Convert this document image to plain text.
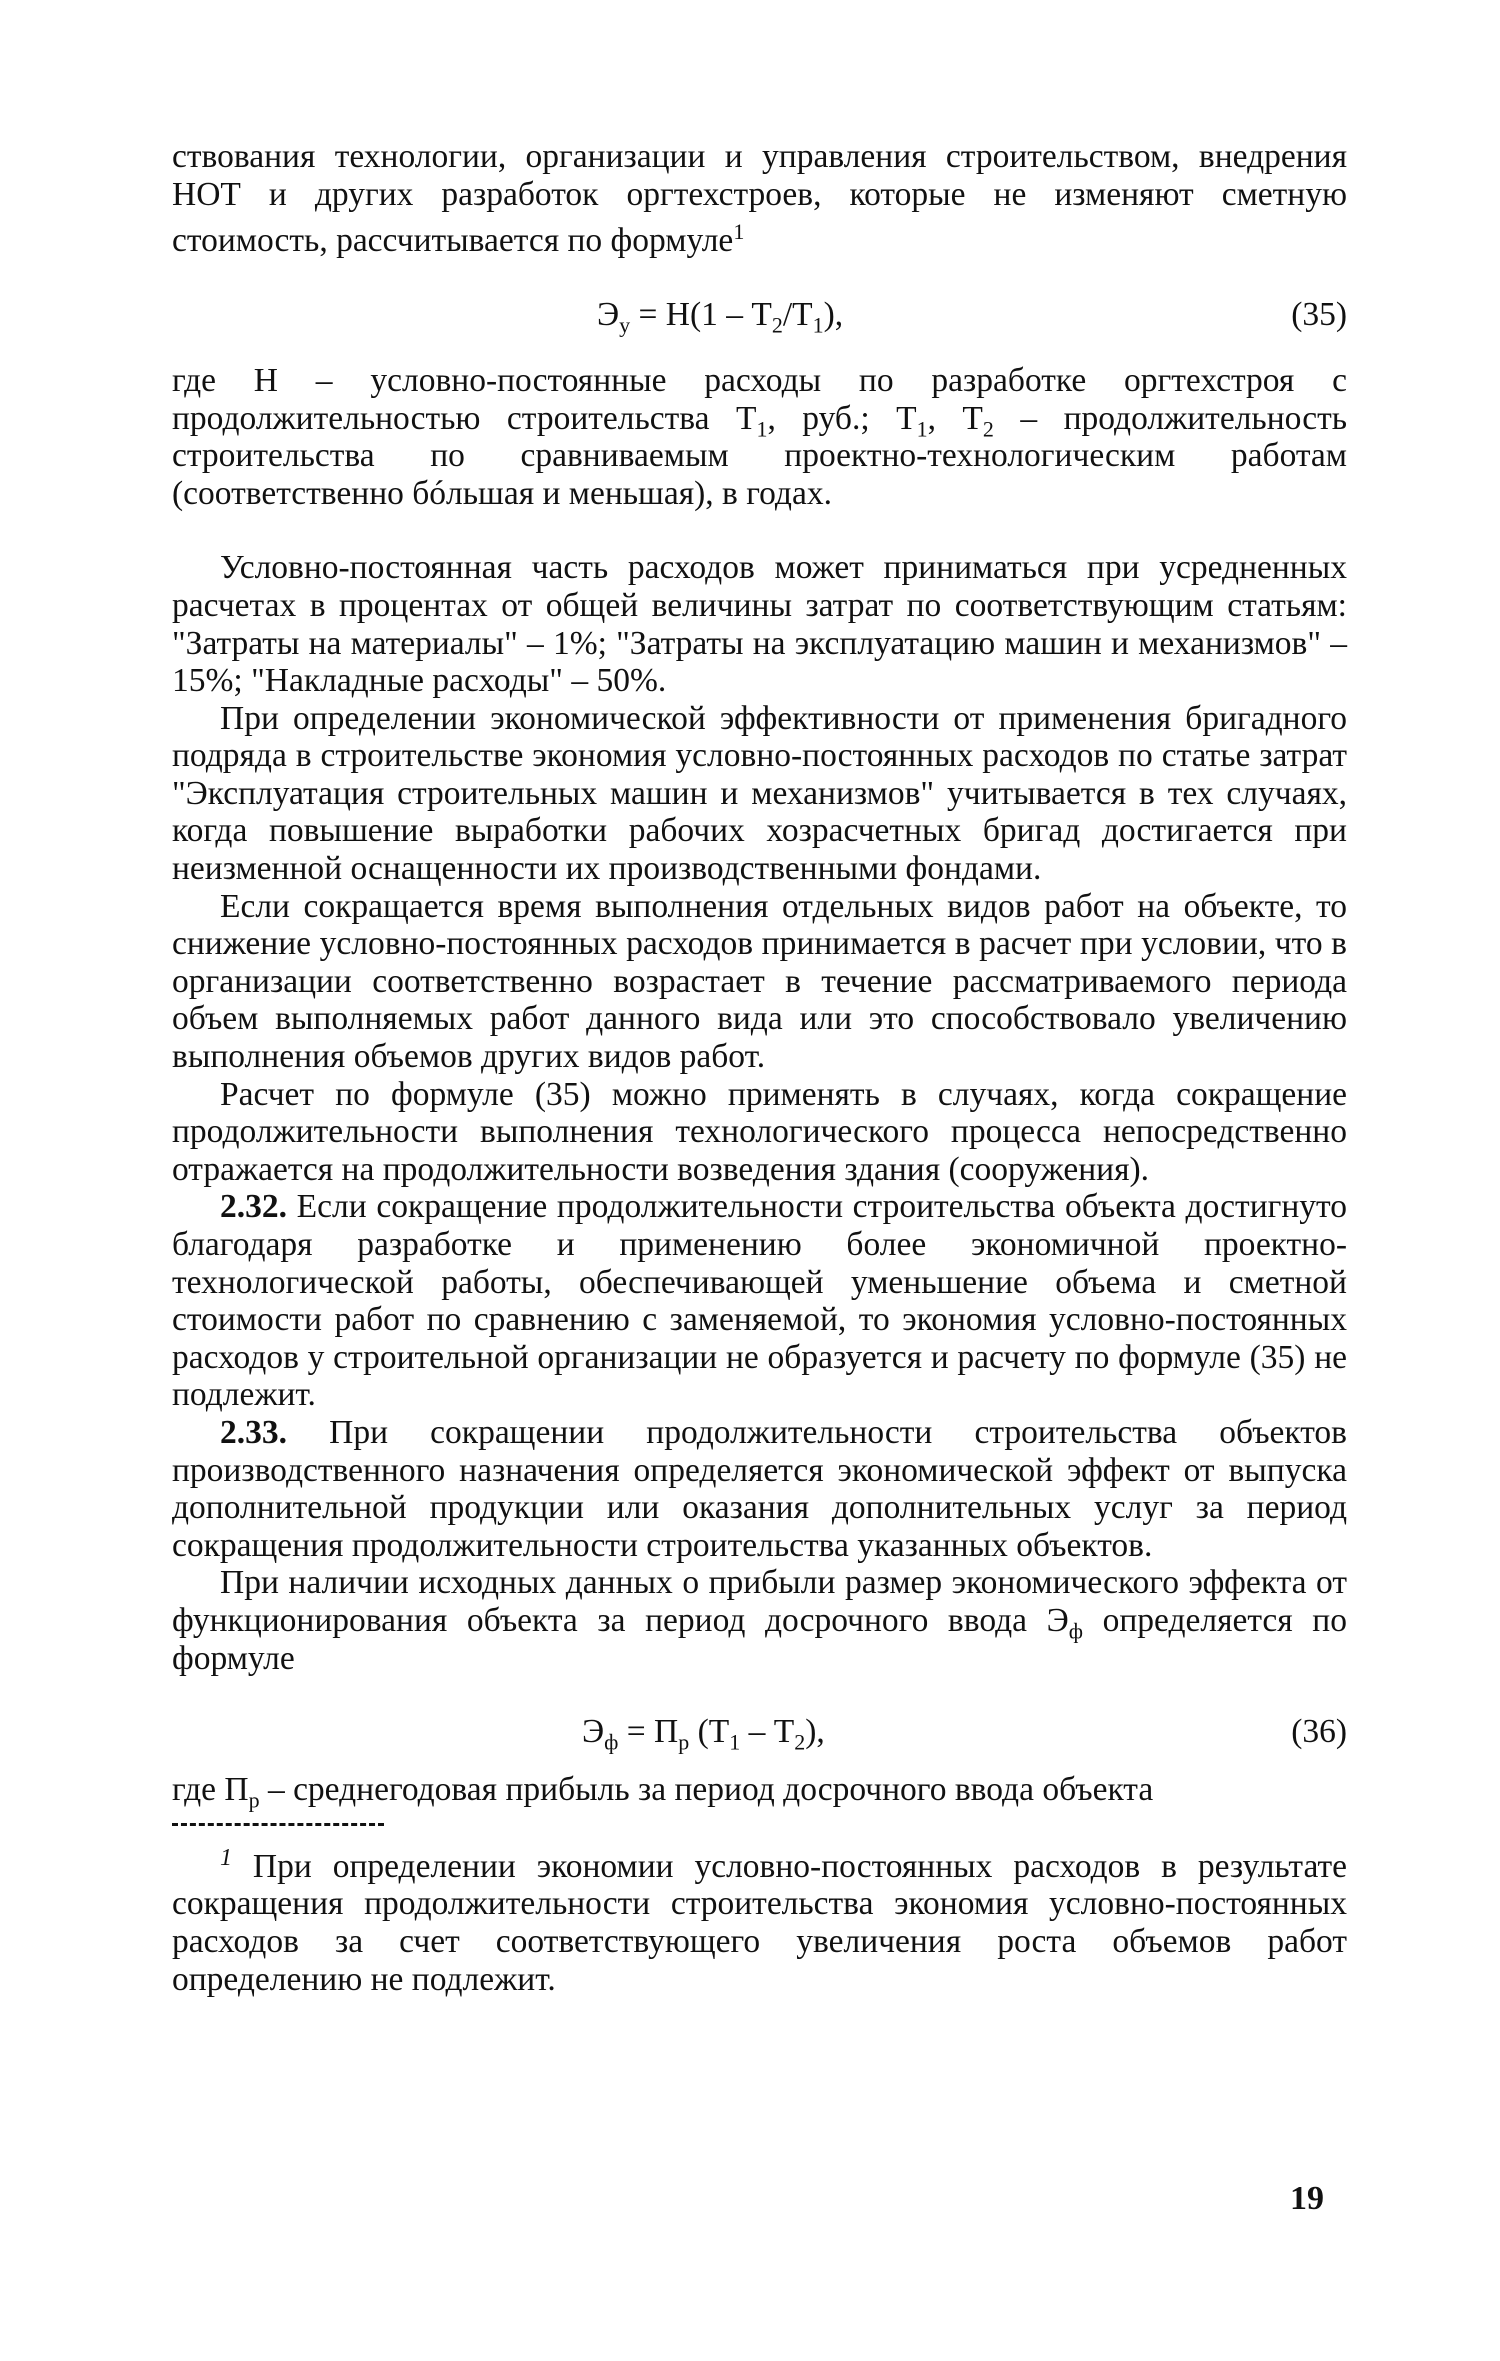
ствования технологии, организации и управления строительством, внедрения НОТ и других разработок оргтехстроев, которые не изменяют сметную стоимость, рассчитывается по формуле$^1$

$Э_у = Н(1 - Т_2/Т_1)$,	(35)

где Н – условно-постоянные расходы по разработке оргтехстроя с продолжительностью строительства $Т_1$, руб.; $Т_1$, $Т_2$ – продолжительность строительства по сравниваемым проектно-технологическим работам (соответственно бóльшая и меньшая), в годах.

Условно-постоянная часть расходов может приниматься при усредненных расчетах в процентах от общей величины затрат по соответствующим статьям: "Затраты на материалы" – 1%; "Затраты на эксплуатацию машин и механизмов" – 15%; "Накладные расходы" – 50%.

При определении экономической эффективности от применения бригадного подряда в строительстве экономия условно-постоянных расходов по статье затрат "Эксплуатация строительных машин и механизмов" учитывается в тех случаях, когда повышение выработки рабочих хозрасчетных бригад достигается при неизменной оснащенности их производственными фондами.

Если сокращается время выполнения отдельных видов работ на объекте, то снижение условно-постоянных расходов принимается в расчет при условии, что в организации соответственно возрастает в течение рассматриваемого периода объем выполняемых работ данного вида или это способствовало увеличению выполнения объемов других видов работ.

Расчет по формуле (35) можно применять в случаях, когда сокращение продолжительности выполнения технологического процесса непосредственно отражается на продолжительности возведения здания (сооружения).

2.32. Если сокращение продолжительности строительства объекта достигнуто благодаря разработке и применению более экономичной проектно-технологической работы, обеспечивающей уменьшение объема и сметной стоимости работ по сравнению с заменяемой, то экономия условно-постоянных расходов у строительной организации не образуется и расчету по формуле (35) не подлежит.

2.33. При сокращении продолжительности строительства объектов производственного назначения определяется экономической эффект от выпуска дополнительной продукции или оказания дополнительных услуг за период сокращения продолжительности строительства указанных объектов.

При наличии исходных данных о прибыли размер экономического эффекта от функционирования объекта за период досрочного ввода $Э_ф$ определяется по формуле

$Э_ф = П_р$ $(Т_1 - Т_2)$,	(36)

где $П_р$ – среднегодовая прибыль за период досрочного ввода объекта

$^1$ При определении экономии условно-постоянных расходов в результате сокращения продолжительности строительства экономия условно-постоянных расходов за счет соответствующего увеличения роста объемов работ определению не подлежит.

19
